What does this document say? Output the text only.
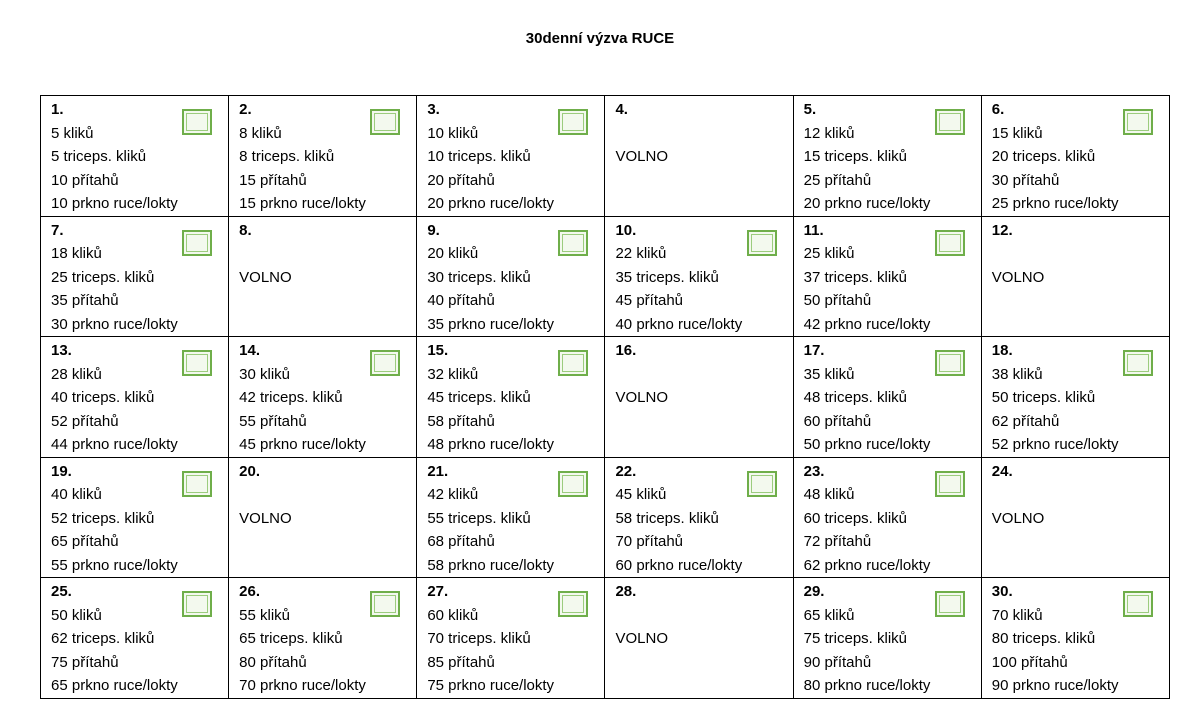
30denní výzva RUCE
1.
5 kliků
5 triceps. kliků
10 přítahů
10 prkno ruce/lokty	2.
8 kliků
8 triceps. kliků
15 přítahů
15 prkno ruce/lokty	3.
10 kliků
10 triceps. kliků
20 přítahů
20 prkno ruce/lokty	4.
VOLNO	5.
12 kliků
15 triceps. kliků
25 přítahů
20 prkno ruce/lokty	6.
15 kliků
20 triceps. kliků
30 přítahů
25 prkno ruce/lokty

7.
18 kliků
25 triceps. kliků
35 přítahů
30 prkno ruce/lokty	8.
VOLNO	9.
20 kliků
30 triceps. kliků
40 přítahů
35 prkno ruce/lokty	10.
22 kliků
35 triceps. kliků
45 přítahů
40 prkno ruce/lokty	11.
25 kliků
37 triceps. kliků
50 přítahů
42 prkno ruce/lokty	12.
VOLNO

13.
28 kliků
40 triceps. kliků
52 přítahů
44 prkno ruce/lokty	14.
30 kliků
42 triceps. kliků
55 přítahů
45 prkno ruce/lokty	15.
32 kliků
45 triceps. kliků
58 přítahů
48 prkno ruce/lokty	16.
VOLNO	17.
35 kliků
48 triceps. kliků
60 přítahů
50 prkno ruce/lokty	18.
38 kliků
50 triceps. kliků
62 přítahů
52 prkno ruce/lokty

19.
40 kliků
52 triceps. kliků
65 přítahů
55 prkno ruce/lokty	20.
VOLNO	21.
42 kliků
55 triceps. kliků
68 přítahů
58 prkno ruce/lokty	22.
45 kliků
58 triceps. kliků
70 přítahů
60 prkno ruce/lokty	23.
48 kliků
60 triceps. kliků
72 přítahů
62 prkno ruce/lokty	24.
VOLNO

25.
50 kliků
62 triceps. kliků
75 přítahů
65 prkno ruce/lokty	26.
55 kliků
65 triceps. kliků
80 přítahů
70 prkno ruce/lokty	27.
60 kliků
70 triceps. kliků
85 přítahů
75 prkno ruce/lokty	28.
VOLNO	29.
65 kliků
75 triceps. kliků
90 přítahů
80 prkno ruce/lokty	30.
70 kliků
80 triceps. kliků
100 přítahů
90 prkno ruce/lokty
